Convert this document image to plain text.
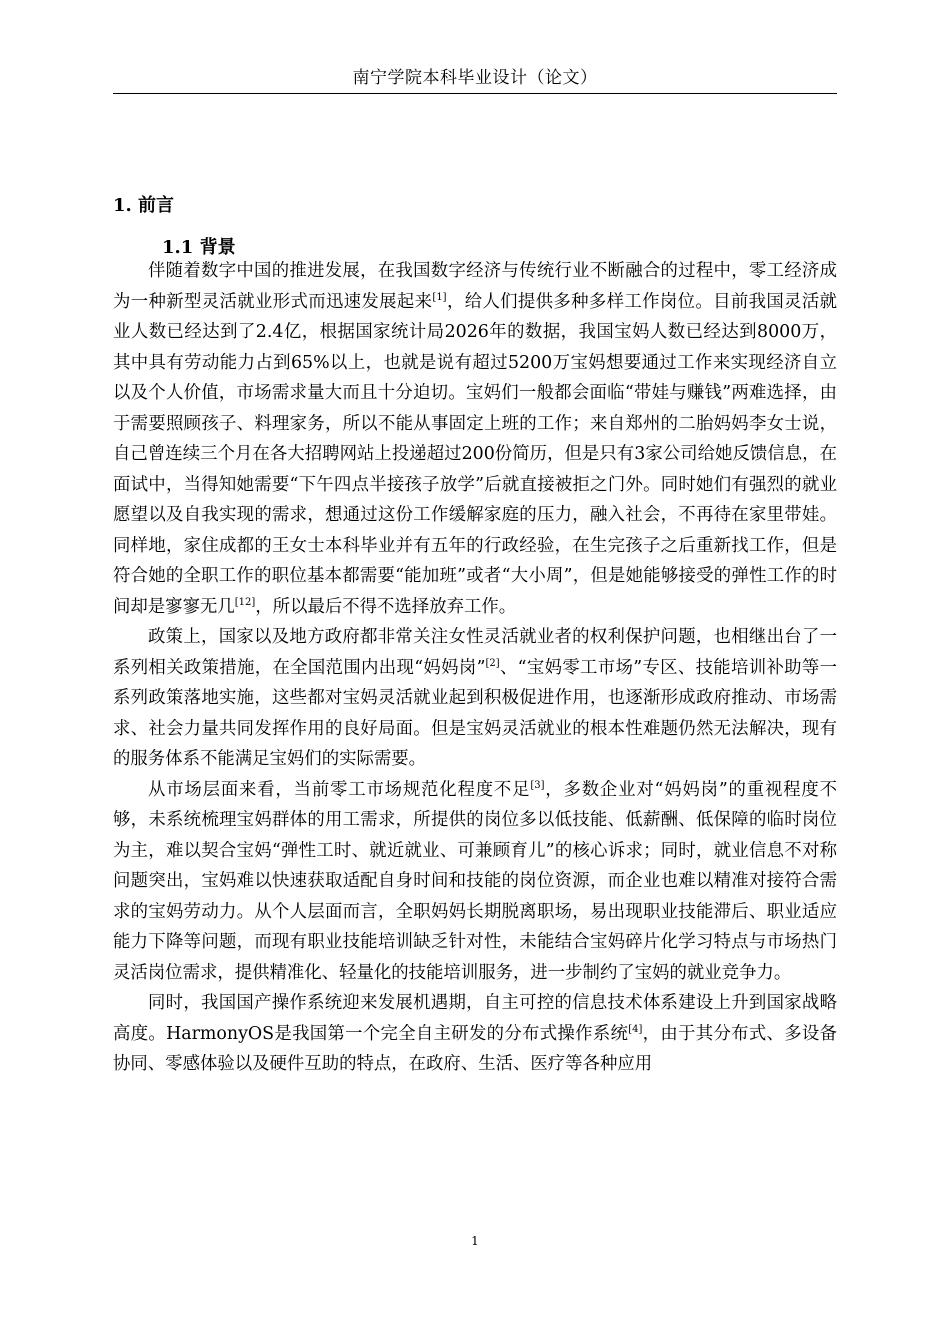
南宁学院本科毕业设计（论文）
1. 前言
1.1 背景

伴随着数字中国的推进发展，在我国数字经济与传统行业不断融合的过程中，零工经济成为一种新型灵活就业形式而迅速发展起来[1]，给人们提供多种多样工作岗位。目前我国灵活就业人数已经达到了2.4亿，根据国家统计局2026年的数据，我国宝妈人数已经达到8000万，其中具有劳动能力占到65%以上，也就是说有超过5200万宝妈想要通过工作来实现经济自立以及个人价值，市场需求量大而且十分迫切。宝妈们一般都会面临“带娃与赚钱”两难选择，由于需要照顾孩子、料理家务，所以不能从事固定上班的工作；来自郑州的二胎妈妈李女士说，自己曾连续三个月在各大招聘网站上投递超过200份简历，但是只有3家公司给她反馈信息，在面试中，当得知她需要“下午四点半接孩子放学”后就直接被拒之门外。同时她们有强烈的就业愿望以及自我实现的需求，想通过这份工作缓解家庭的压力，融入社会，不再待在家里带娃。同样地，家住成都的王女士本科毕业并有五年的行政经验，在生完孩子之后重新找工作，但是符合她的全职工作的职位基本都需要“能加班”或者“大小周”，但是她能够接受的弹性工作的时间却是寥寥无几[12]，所以最后不得不选择放弃工作。

政策上，国家以及地方政府都非常关注女性灵活就业者的权利保护问题，也相继出台了一系列相关政策措施，在全国范围内出现“妈妈岗”[2]、“宝妈零工市场”专区、技能培训补助等一系列政策落地实施，这些都对宝妈灵活就业起到积极促进作用，也逐渐形成政府推动、市场需求、社会力量共同发挥作用的良好局面。但是宝妈灵活就业的根本性难题仍然无法解决，现有的服务体系不能满足宝妈们的实际需要。

从市场层面来看，当前零工市场规范化程度不足[3]，多数企业对“妈妈岗”的重视程度不够，未系统梳理宝妈群体的用工需求，所提供的岗位多以低技能、低薪酬、低保障的临时岗位为主，难以契合宝妈“弹性工时、就近就业、可兼顾育儿”的核心诉求；同时，就业信息不对称问题突出，宝妈难以快速获取适配自身时间和技能的岗位资源，而企业也难以精准对接符合需求的宝妈劳动力。从个人层面而言，全职妈妈长期脱离职场，易出现职业技能滞后、职业适应能力下降等问题，而现有职业技能培训缺乏针对性，未能结合宝妈碎片化学习特点与市场热门灵活岗位需求，提供精准化、轻量化的技能培训服务，进一步制约了宝妈的就业竞争力。

同时，我国国产操作系统迎来发展机遇期，自主可控的信息技术体系建设上升到国家战略高度。HarmonyOS是我国第一个完全自主研发的分布式操作系统[4]，由于其分布式、多设备协同、零感体验以及硬件互助的特点，在政府、生活、医疗等各种应用

1
